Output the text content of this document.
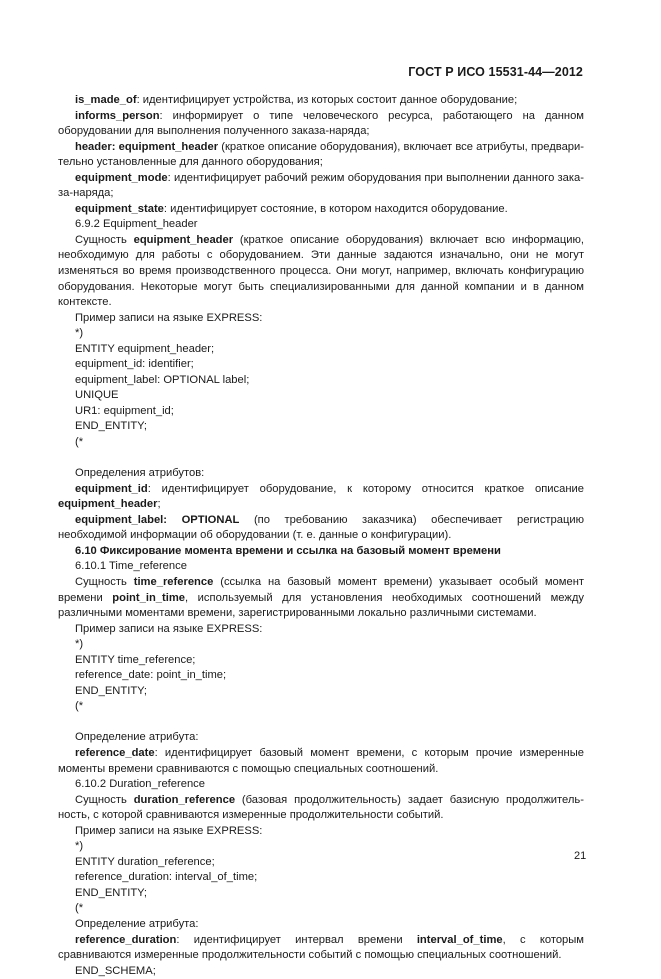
ГОСТ Р ИСО 15531-44—2012
is_made_of: идентифицирует устройства, из которых состоит данное оборудование;
informs_person: информирует о типе человеческого ресурса, работающего на данном оборудовании для выполнения полученного заказа-наряда;
header: equipment_header (краткое описание оборудования), включает все атрибуты, предварительно установленные для данного оборудования;
equipment_mode: идентифицирует рабочий режим оборудования при выполнении данного заказа-наряда;
equipment_state: идентифицирует состояние, в котором находится оборудование.
6.9.2 Equipment_header
Сущность equipment_header (краткое описание оборудования) включает всю информацию, необходимую для работы с оборудованием. Эти данные задаются изначально, они не могут изменяться во время производственного процесса. Они могут, например, включать конфигурацию оборудования. Некоторые могут быть специализированными для данной компании и в данном контексте.
Пример записи на языке EXPRESS:
*)
ENTITY equipment_header;
equipment_id: identifier;
equipment_label: OPTIONAL label;
UNIQUE
UR1: equipment_id;
END_ENTITY;
(*
Определения атрибутов:
equipment_id: идентифицирует оборудование, к которому относится краткое описание equipment_header;
equipment_label: OPTIONAL (по требованию заказчика) обеспечивает регистрацию необходимой информации об оборудовании (т. е. данные о конфигурации).
6.10 Фиксирование момента времени и ссылка на базовый момент времени
6.10.1 Time_reference
Сущность time_reference (ссылка на базовый момент времени) указывает особый момент времени point_in_time, используемый для установления необходимых соотношений между различными моментами времени, зарегистрированными локально различными системами.
Пример записи на языке EXPRESS:
*)
ENTITY time_reference;
reference_date: point_in_time;
END_ENTITY;
(*
Определение атрибута:
reference_date: идентифицирует базовый момент времени, с которым прочие измеренные моменты времени сравниваются с помощью специальных соотношений.
6.10.2 Duration_reference
Сущность duration_reference (базовая продолжительность) задает базисную продолжительность, с которой сравниваются измеренные продолжительности событий.
Пример записи на языке EXPRESS:
*)
ENTITY duration_reference;
reference_duration: interval_of_time;
END_ENTITY;
(*
Определение атрибута:
reference_duration: идентифицирует интервал времени interval_of_time, с которым сравниваются измеренные продолжительности событий с помощью специальных соотношений.
END_SCHEMA;
21
